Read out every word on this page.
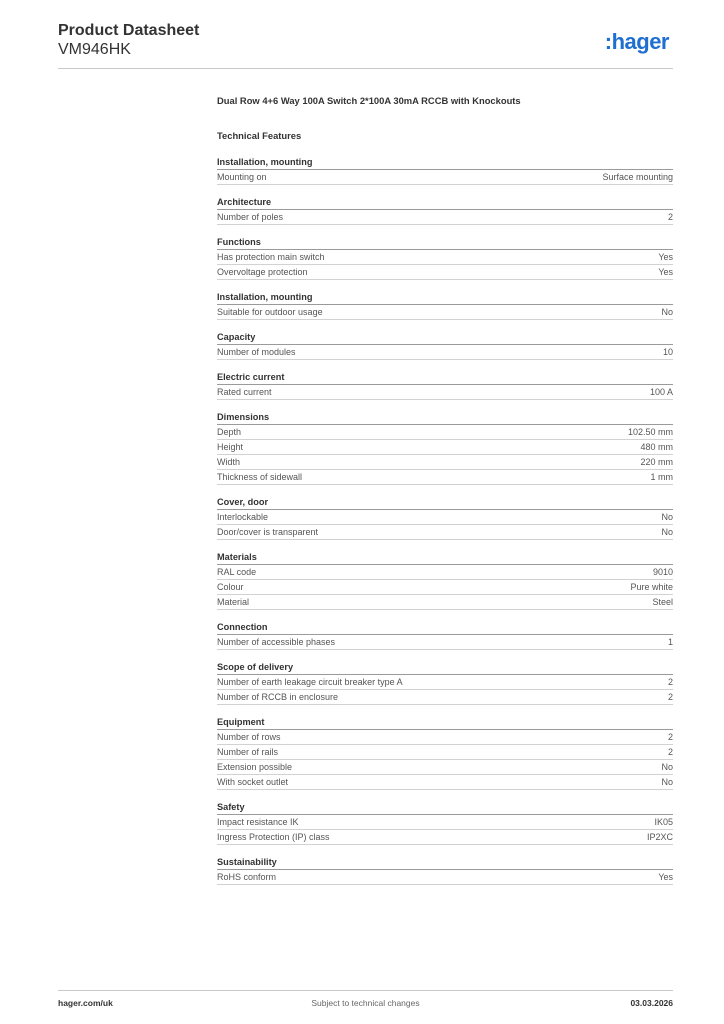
Product Datasheet
VM946HK	:hager
Dual Row 4+6 Way 100A Switch 2*100A 30mA RCCB with Knockouts
Technical Features
Installation, mounting
Mounting on	Surface mounting
Architecture
Number of poles	2
Functions
Has protection main switch	Yes
Overvoltage protection	Yes
Installation, mounting
Suitable for outdoor usage	No
Capacity
Number of modules	10
Electric current
Rated current	100 A
Dimensions
Depth	102.50 mm
Height	480 mm
Width	220 mm
Thickness of sidewall	1 mm
Cover, door
Interlockable	No
Door/cover is transparent	No
Materials
RAL code	9010
Colour	Pure white
Material	Steel
Connection
Number of accessible phases	1
Scope of delivery
Number of earth leakage circuit breaker type A	2
Number of RCCB in enclosure	2
Equipment
Number of rows	2
Number of rails	2
Extension possible	No
With socket outlet	No
Safety
Impact resistance IK	IK05
Ingress Protection (IP) class	IP2XC
Sustainability
RoHS conform	Yes
hager.com/uk	Subject to technical changes	03.03.2026
